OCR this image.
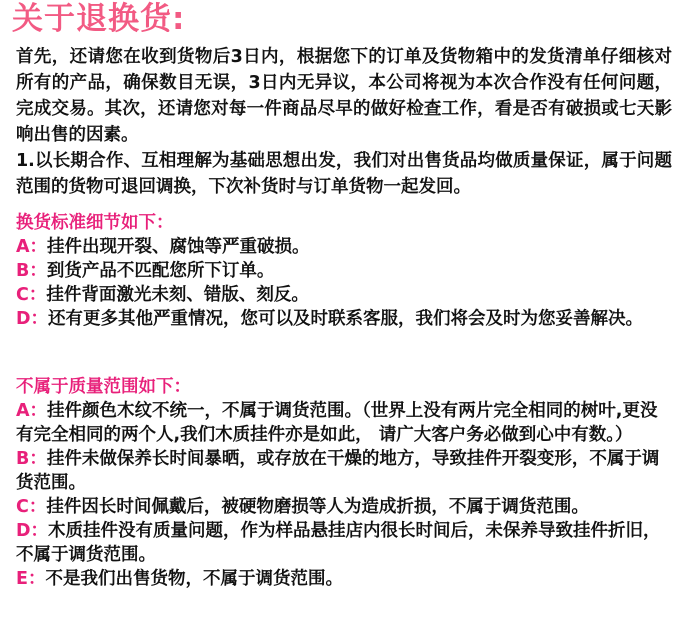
关于退换货:
首先，还请您在收到货物后3日内，根据您下的订单及货物箱中的发货清单仔细核对所有的产品，确保数目无误，3日内无异议，本公司将视为本次合作没有任何问题，完成交易。其次，还请您对每一件商品尽早的做好检查工作，看是否有破损或七天影响出售的因素。
1.以长期合作、互相理解为基础思想出发，我们对出售货品均做质量保证，属于问题范围的货物可退回调换，下次补货时与订单货物一起发回。
换货标准细节如下：

A：挂件出现开裂、腐蚀等严重破损。

B：到货产品不匹配您所下订单。

C：挂件背面激光未刻、错版、刻反。

D：还有更多其他严重情况，您可以及时联系客服，我们将会及时为您妥善解决。

不属于质量范围如下：

A：挂件颜色木纹不统一，不属于调货范围。（世界上没有两片完全相同的树叶,更没有完全相同的两个人,我们木质挂件亦是如此， 请广大客户务必做到心中有数。）

B：挂件未做保养长时间暴晒，或存放在干燥的地方，导致挂件开裂变形，不属于调货范围。

C：挂件因长时间佩戴后，被硬物磨损等人为造成折损，不属于调货范围。

D：木质挂件没有质量问题，作为样品悬挂店内很长时间后，未保养导致挂件折旧，不属于调货范围。

E：不是我们出售货物，不属于调货范围。
